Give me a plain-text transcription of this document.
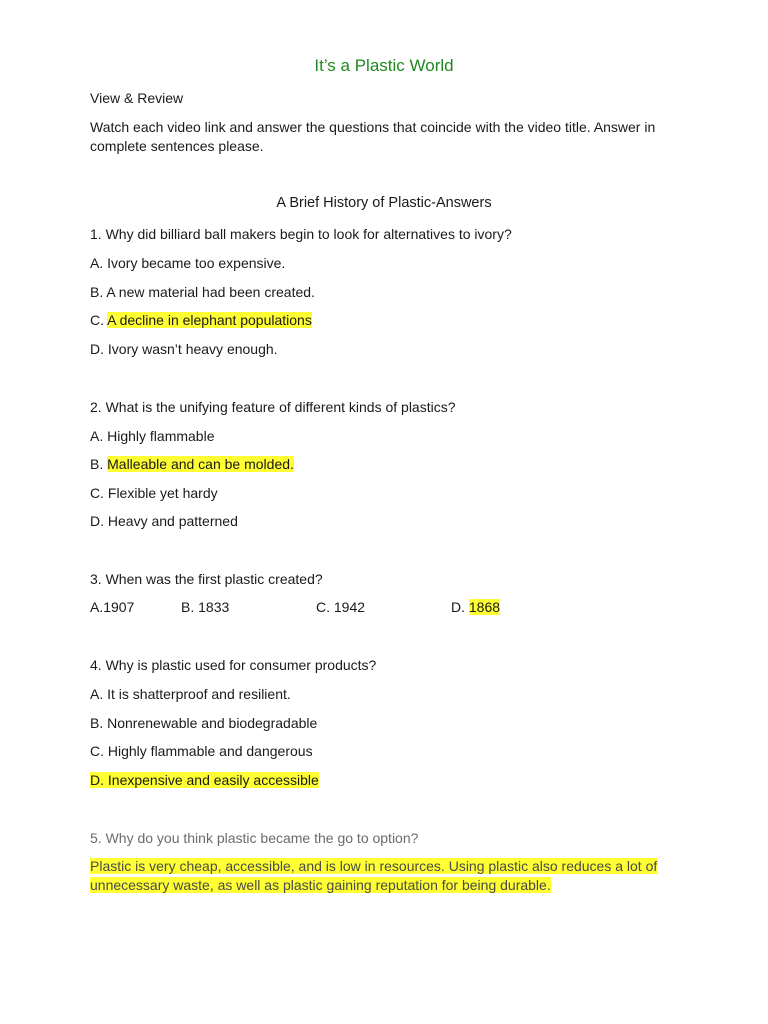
It’s a Plastic World
View & Review
Watch each video link and answer the questions that coincide with the video title. Answer in complete sentences please.
A Brief History of Plastic-Answers
1. Why did billiard ball makers begin to look for alternatives to ivory?
A. Ivory became too expensive.
B. A new material had been created.
C. A decline in elephant populations
D. Ivory wasn’t heavy enough.
2. What is the unifying feature of different kinds of plastics?
A. Highly flammable
B. Malleable and can be molded.
C. Flexible yet hardy
D. Heavy and patterned
3. When was the first plastic created?
A.1907	B. 1833	C. 1942	D. 1868
4. Why is plastic used for consumer products?
A. It is shatterproof and resilient.
B. Nonrenewable and biodegradable
C. Highly flammable and dangerous
D. Inexpensive and easily accessible
5. Why do you think plastic became the go to option?
Plastic is very cheap, accessible, and is low in resources. Using plastic also reduces a lot of unnecessary waste, as well as plastic gaining reputation for being durable.
